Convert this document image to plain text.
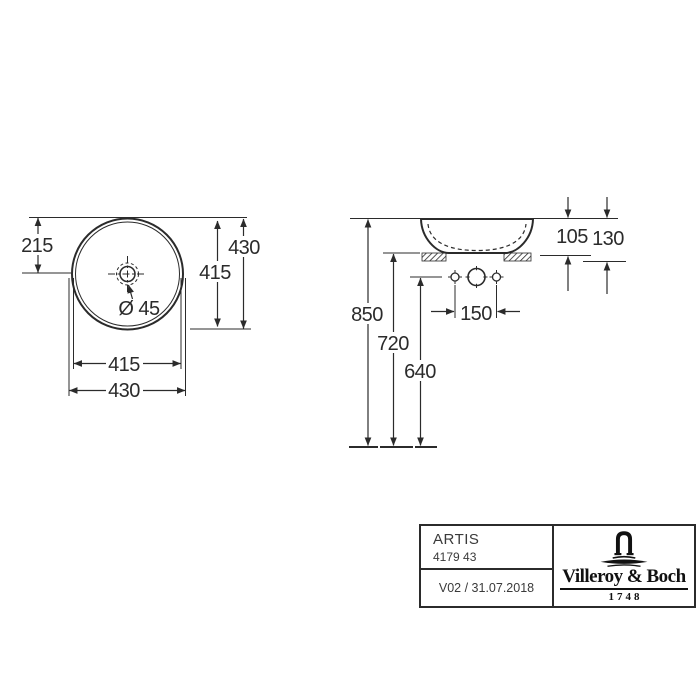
215	430
415
415
430
Ø 45	850
720
640
105 130
150
ARTIS
4179 43
V02 / 31.07.2018
Villeroy & Boch
1748
